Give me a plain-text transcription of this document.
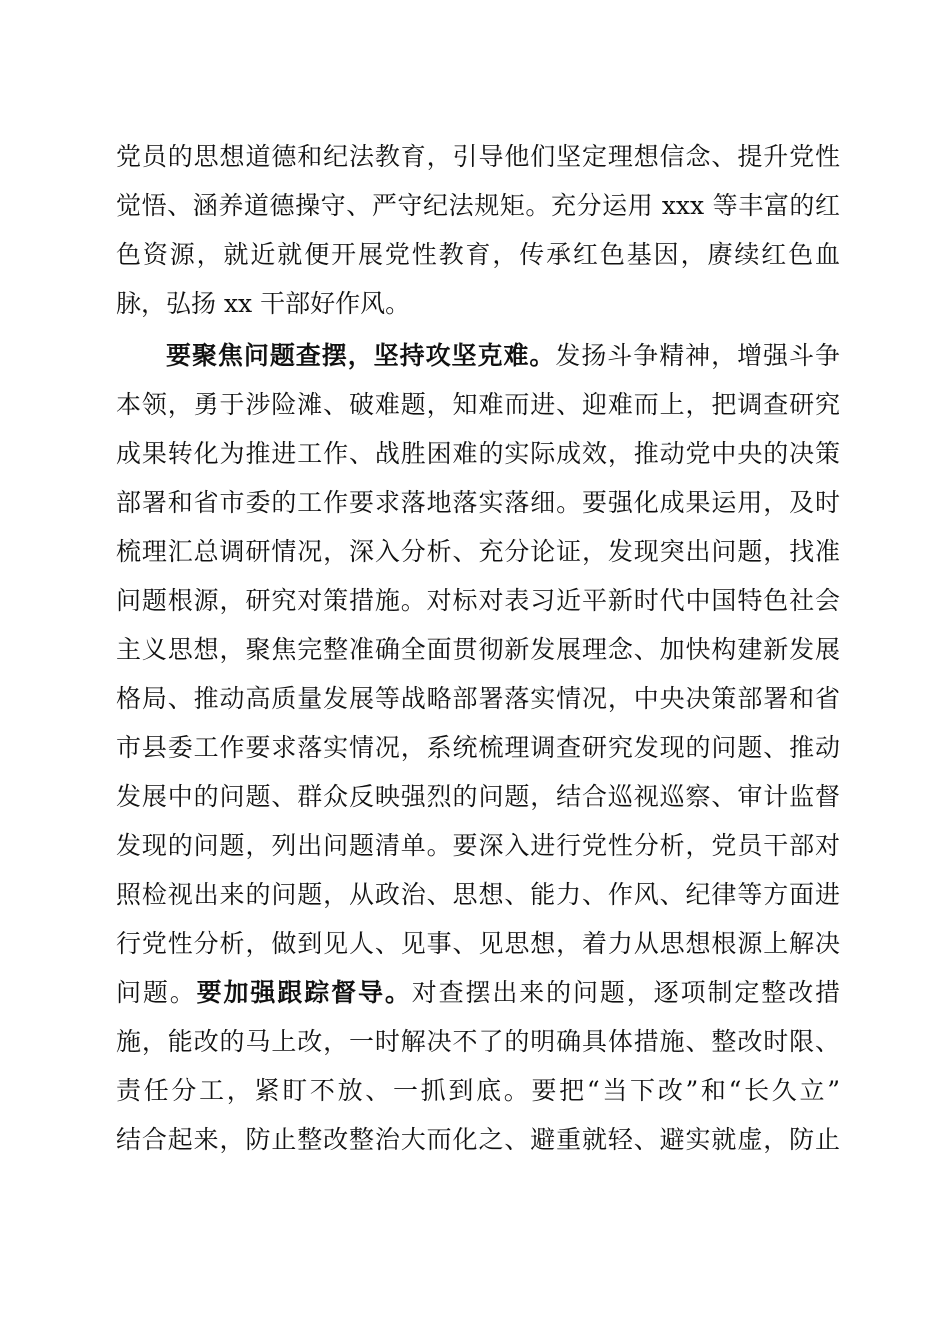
党员的思想道德和纪法教育，引导他们坚定理想信念、提升党性
觉悟、涵养道德操守、严守纪法规矩。充分运用 xxx 等丰富的红
色资源，就近就便开展党性教育，传承红色基因，赓续红色血
脉，弘扬 xx 干部好作风。
要聚焦问题查摆，坚持攻坚克难。发扬斗争精神，增强斗争
本领，勇于涉险滩、破难题，知难而进、迎难而上，把调查研究
成果转化为推进工作、战胜困难的实际成效，推动党中央的决策
部署和省市委的工作要求落地落实落细。要强化成果运用，及时
梳理汇总调研情况，深入分析、充分论证，发现突出问题，找准
问题根源，研究对策措施。对标对表习近平新时代中国特色社会
主义思想，聚焦完整准确全面贯彻新发展理念、加快构建新发展
格局、推动高质量发展等战略部署落实情况，中央决策部署和省
市县委工作要求落实情况，系统梳理调查研究发现的问题、推动
发展中的问题、群众反映强烈的问题，结合巡视巡察、审计监督
发现的问题，列出问题清单。要深入进行党性分析，党员干部对
照检视出来的问题，从政治、思想、能力、作风、纪律等方面进
行党性分析，做到见人、见事、见思想，着力从思想根源上解决
问题。要加强跟踪督导。对查摆出来的问题，逐项制定整改措
施，能改的马上改，一时解决不了的明确具体措施、整改时限、
责任分工，紧盯不放、一抓到底。要把“当下改”和“长久立”
结合起来，防止整改整治大而化之、避重就轻、避实就虚，防止
